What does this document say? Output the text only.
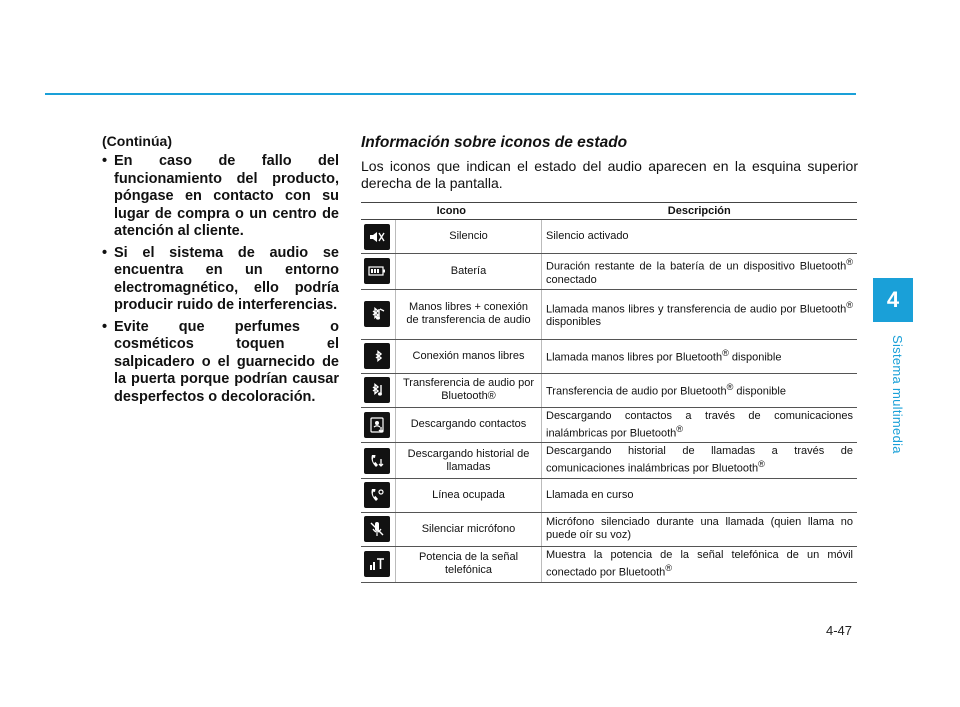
4
Sistema multimedia

(Continúa)

• En caso de fallo del funcionamiento del producto, póngase en contacto con su lugar de compra o un centro de atención al cliente.
• Si el sistema de audio se encuentra en un entorno electromagnético, ello podría producir ruido de interferencias.
• Evite que perfumes o cosméticos toquen el salpicadero o el guarnecido de la puerta porque podrían causar desperfectos o decoloración.
Información sobre iconos de estado

Los iconos que indican el estado del audio aparecen en la esquina superior derecha de la pantalla.

Icono		Descripción

	Silencio	Silencio activado

	Batería	Duración restante de la batería de un dispositivo Bluetooth® conectado

	Manos libres + conexión
de transferencia de audio	Llamada manos libres y transferencia de audio por Bluetooth® disponibles

	Conexión manos libres	Llamada manos libres por Bluetooth® disponible

	Transferencia de audio por
Bluetooth®	Transferencia de audio por Bluetooth® disponible

	Descargando contactos	Descargando contactos a través de comunicaciones inalámbricas por Bluetooth®

	Descargando historial de
llamadas	Descargando historial de llamadas a través de comunicaciones inalámbricas por Bluetooth®

	Línea ocupada	Llamada en curso

	Silenciar micrófono	Micrófono silenciado durante una llamada (quien llama no puede oír su voz)

	Potencia de la señal
telefónica	Muestra la potencia de la señal telefónica de un móvil conectado por Bluetooth®
4-47
